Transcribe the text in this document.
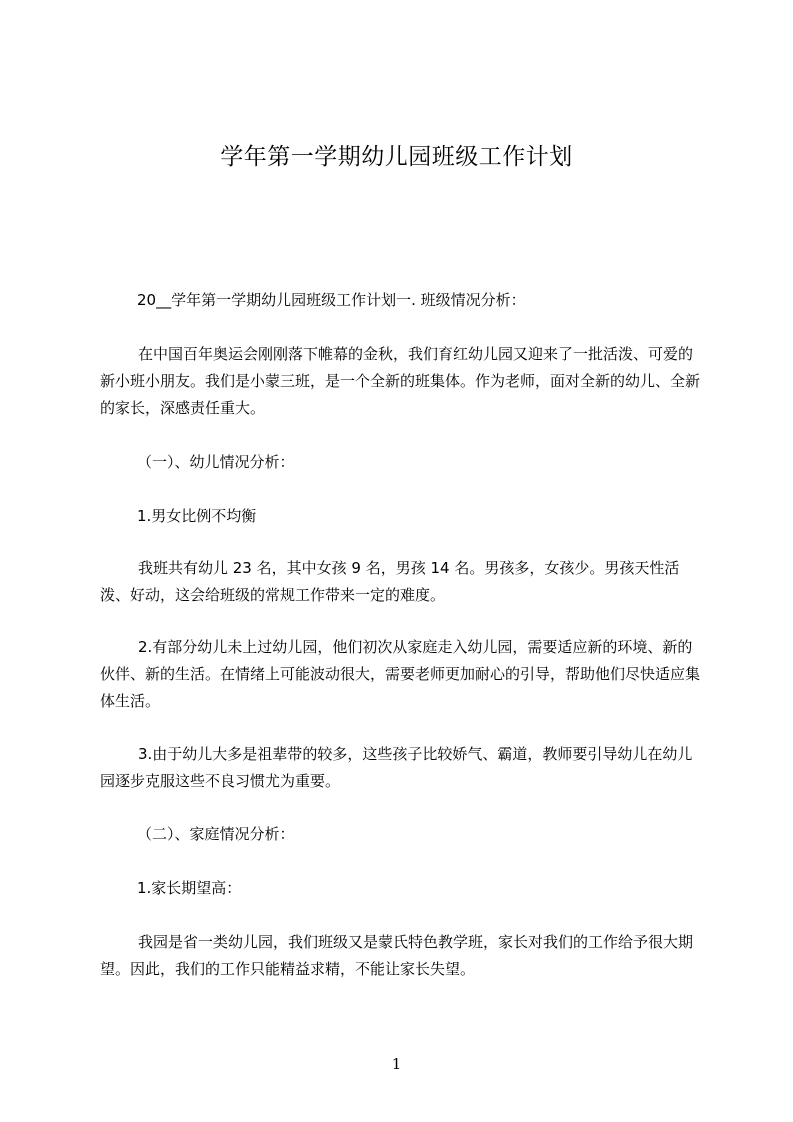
学年第一学期幼儿园班级工作计划
20__学年第一学期幼儿园班级工作计划一. 班级情况分析：

在中国百年奥运会刚刚落下帷幕的金秋，我们育红幼儿园又迎来了一批活泼、可爱的新小班小朋友。我们是小蒙三班，是一个全新的班集体。作为老师，面对全新的幼儿、全新的家长，深感责任重大。

（一）、幼儿情况分析：
1.男女比例不均衡

我班共有幼儿 23 名，其中女孩 9 名，男孩 14 名。男孩多，女孩少。男孩天性活泼、好动，这会给班级的常规工作带来一定的难度。

2.有部分幼儿未上过幼儿园，他们初次从家庭走入幼儿园，需要适应新的环境、新的伙伴、新的生活。在情绪上可能波动很大，需要老师更加耐心的引导，帮助他们尽快适应集体生活。

3.由于幼儿大多是祖辈带的较多，这些孩子比较娇气、霸道，教师要引导幼儿在幼儿园逐步克服这些不良习惯尤为重要。

（二）、家庭情况分析：
1.家长期望高：

我园是省一类幼儿园，我们班级又是蒙氏特色教学班，家长对我们的工作给予很大期望。因此，我们的工作只能精益求精，不能让家长失望。

1
